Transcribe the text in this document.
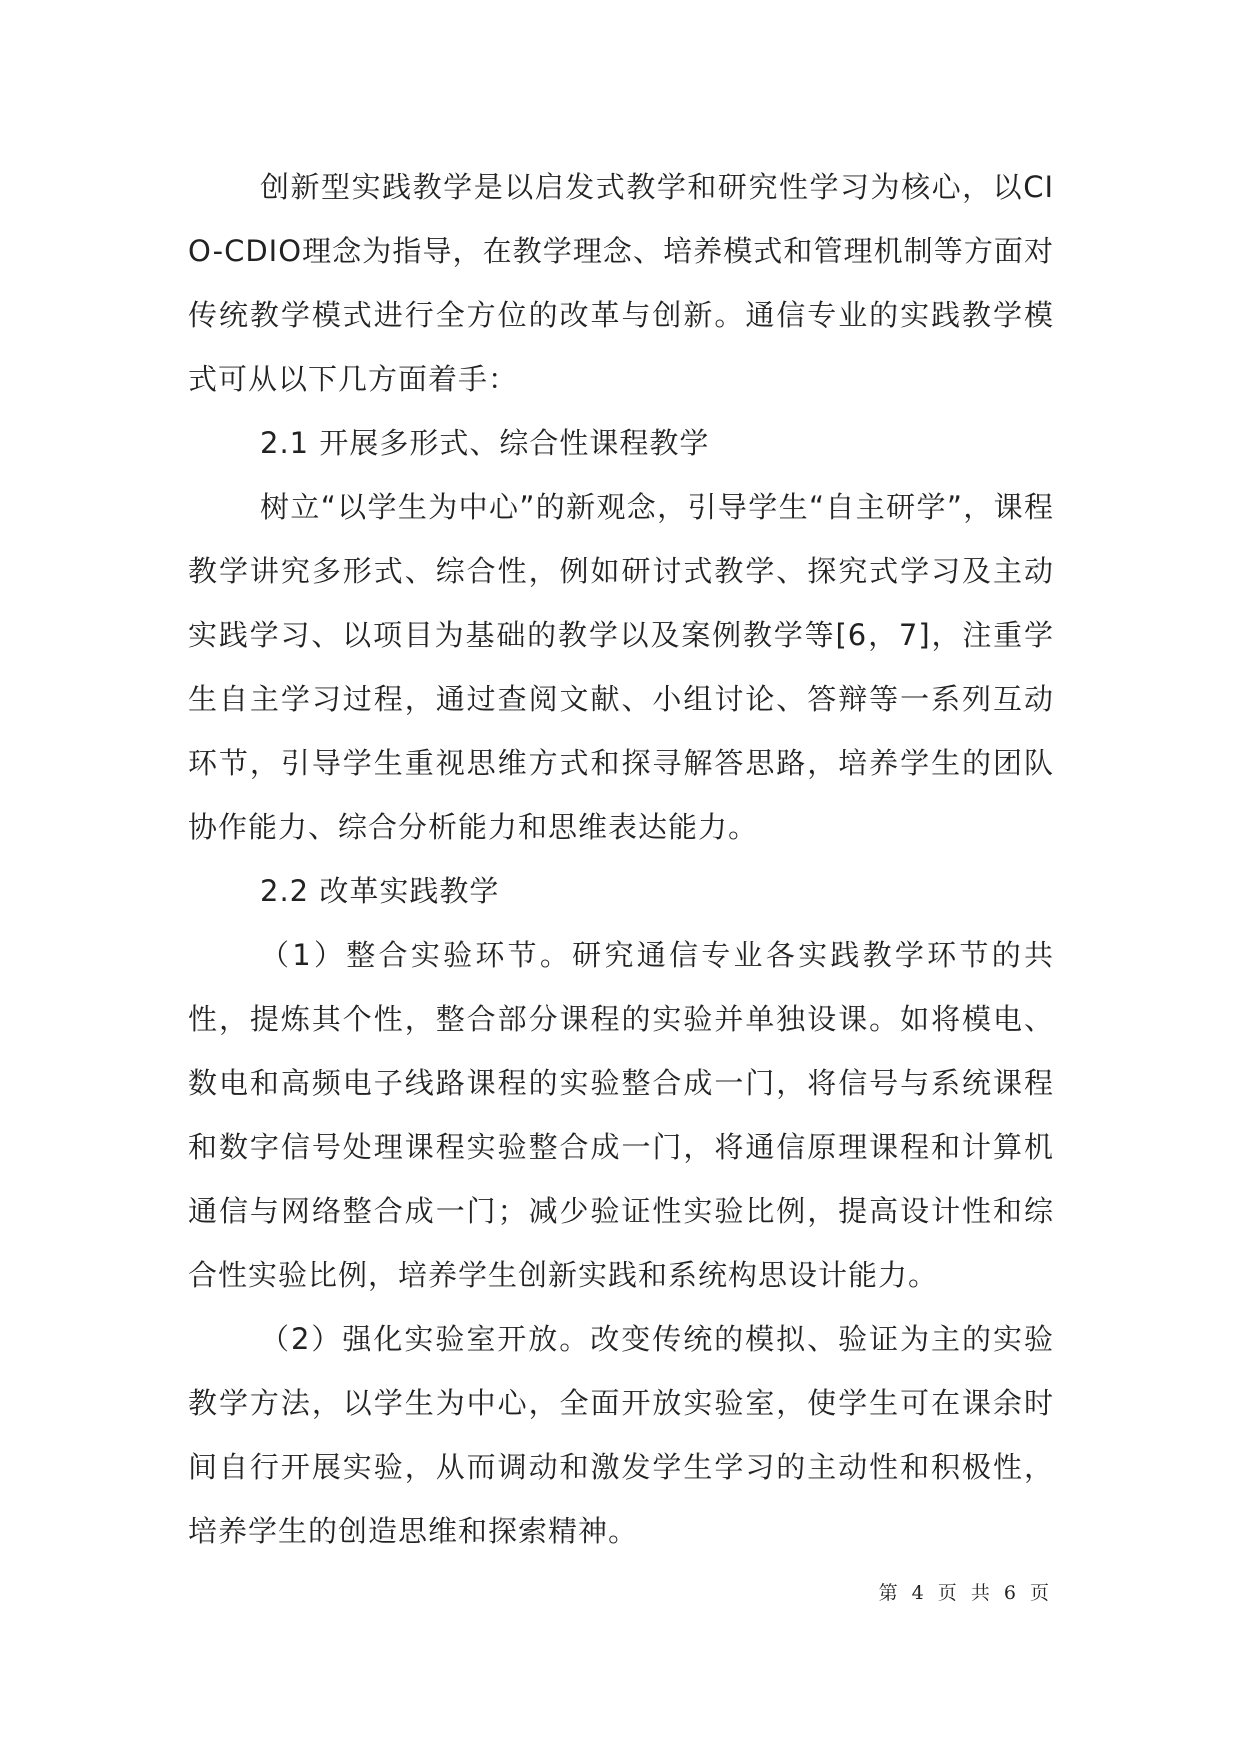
创新型实践教学是以启发式教学和研究性学习为核心，以CIO-CDIO理念为指导，在教学理念、培养模式和管理机制等方面对传统教学模式进行全方位的改革与创新。通信专业的实践教学模式可从以下几方面着手：

2.1 开展多形式、综合性课程教学

树立“以学生为中心”的新观念，引导学生“自主研学”，课程教学讲究多形式、综合性，例如研讨式教学、探究式学习及主动实践学习、以项目为基础的教学以及案例教学等[6，7]，注重学生自主学习过程，通过查阅文献、小组讨论、答辩等一系列互动环节，引导学生重视思维方式和探寻解答思路，培养学生的团队协作能力、综合分析能力和思维表达能力。

2.2 改革实践教学

（1）整合实验环节。研究通信专业各实践教学环节的共性，提炼其个性，整合部分课程的实验并单独设课。如将模电、数电和高频电子线路课程的实验整合成一门，将信号与系统课程和数字信号处理课程实验整合成一门，将通信原理课程和计算机通信与网络整合成一门；减少验证性实验比例，提高设计性和综合性实验比例，培养学生创新实践和系统构思设计能力。

（2）强化实验室开放。改变传统的模拟、验证为主的实验教学方法，以学生为中心，全面开放实验室，使学生可在课余时间自行开展实验，从而调动和激发学生学习的主动性和积极性，培养学生的创造思维和探索精神。

第 4 页 共 6 页
